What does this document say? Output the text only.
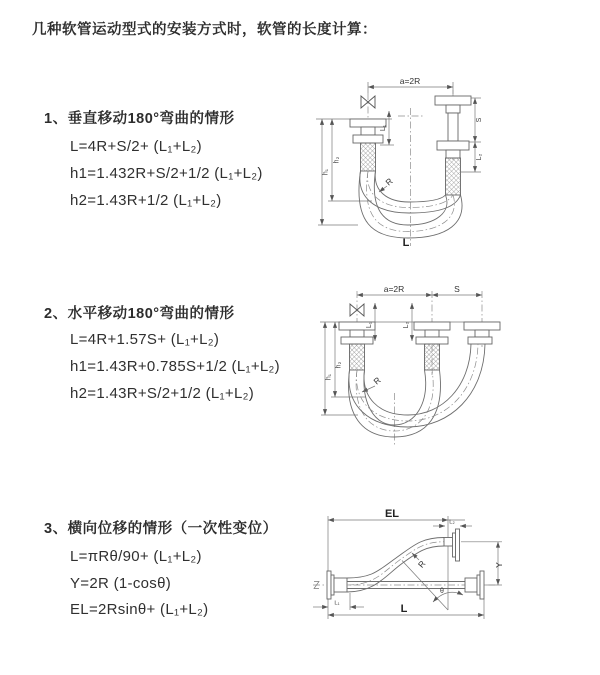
几种软管运动型式的安装方式时，软管的长度计算：
1、垂直移动180°弯曲的情形
L=4R+S/2+ (L₁+L₂)
h1=1.432R+S/2+1/2 (L₁+L₂)
h2=1.43R+1/2 (L₁+L₂)
2、水平移动180°弯曲的情形
L=4R+1.57S+ (L₁+L₂)
h1=1.43R+0.785S+1/2 (L₁+L₂)
h2=1.43R+S/2+1/2 (L₁+L₂)
3、横向位移的情形（一次性变位）
L=πRθ/90+ (L₁+L₂)
Y=2R (1-cosθ)
EL=2Rsinθ+ (L₁+L₂)
a=2R
L₁
S
L₂
h₁
h₂
R
L
a=2R	S
L₁	L₂
h₁
h₂
R
EL
L₂
Y
L
L₁
R
θ
